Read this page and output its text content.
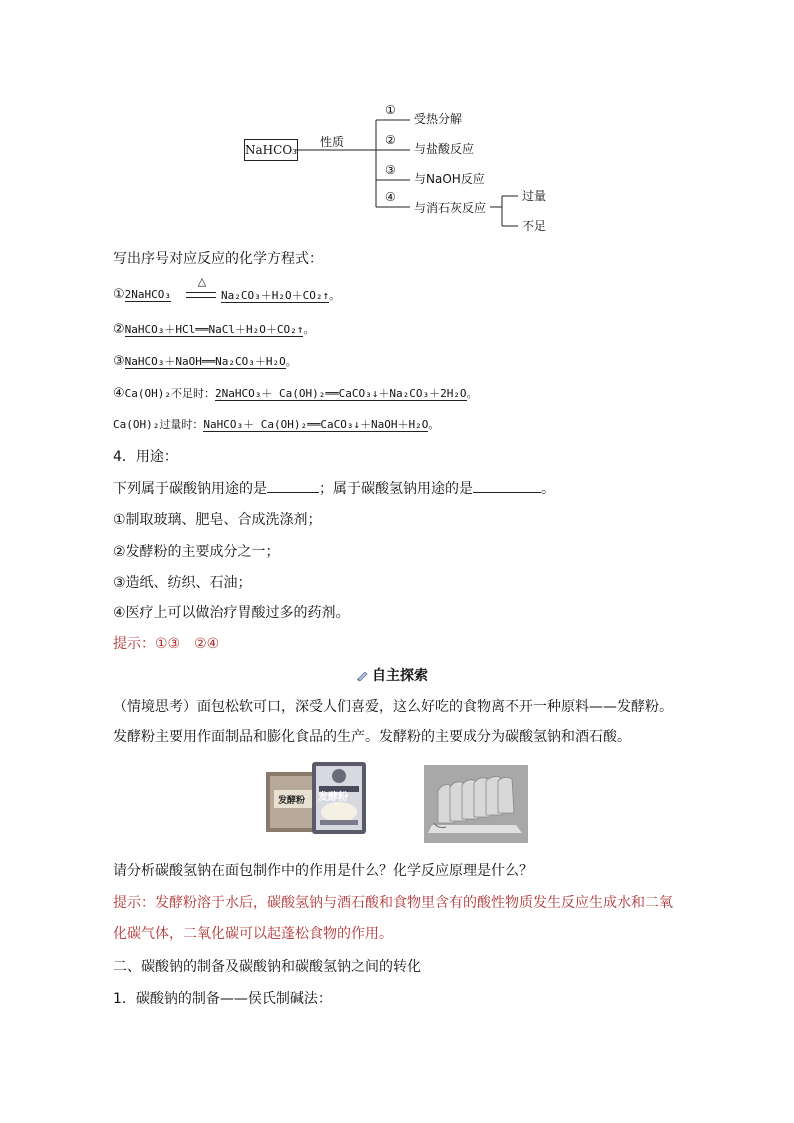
NaHCO₃
性质
①
受热分解
②
与盐酸反应
③
与NaOH反应
④
与消石灰反应
过量
不足
写出序号对应反应的化学方程式：
①2NaHCO₃
△
Na₂CO₃＋H₂O＋CO₂↑。
②NaHCO₃＋HCl══NaCl＋H₂O＋CO₂↑。
③NaHCO₃＋NaOH══Na₂CO₃＋H₂O。
④Ca(OH)₂不足时：2NaHCO₃＋ Ca(OH)₂══CaCO₃↓＋Na₂CO₃＋2H₂O。
Ca(OH)₂过量时：NaHCO₃＋ Ca(OH)₂══CaCO₃↓＋NaOH＋H₂O。
4．用途：
下列属于碳酸钠用途的是	；属于碳酸氢钠用途的是	。
①制取玻璃、肥皂、合成洗涤剂；
②发酵粉的主要成分之一；
③造纸、纺织、石油；
④医疗上可以做治疗胃酸过多的药剂。
提示：①③　②④
自主探索
（情境思考）面包松软可口，深受人们喜爱，这么好吃的食物离不开一种原料——发酵粉。
发酵粉主要用作面制品和膨化食品的生产。发酵粉的主要成分为碳酸氢钠和酒石酸。
发酵粉 发酵粉
请分析碳酸氢钠在面包制作中的作用是什么？化学反应原理是什么？
提示：发酵粉溶于水后，碳酸氢钠与酒石酸和食物里含有的酸性物质发生反应生成水和二氧
化碳气体，二氧化碳可以起蓬松食物的作用。
二、碳酸钠的制备及碳酸钠和碳酸氢钠之间的转化
1．碳酸钠的制备——侯氏制碱法：
